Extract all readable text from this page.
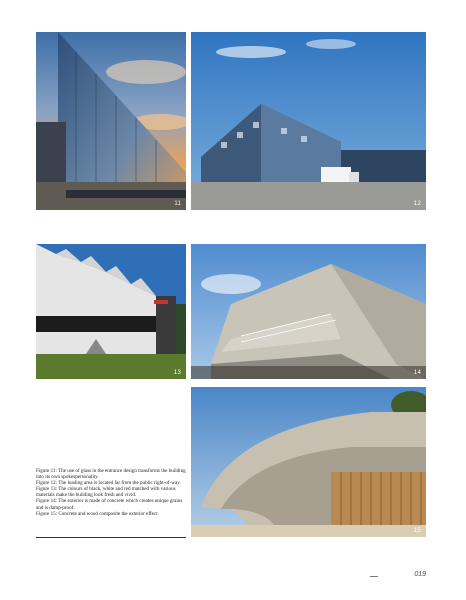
11	12
13	14
15

Figure 11: The use of glass in the entrance design transforms the building into its own spokespersonality.

Figure 12: The loading area is located far from the public right-of-way.

Figure 13: The colours of black, white and red matched with various materials make the building look fresh and vivid.

Figure 14: The exterior is made of concrete which creates unique grains and is damp-proof.

Figure 15: Concrete and wood composite the exterior effect.

019
